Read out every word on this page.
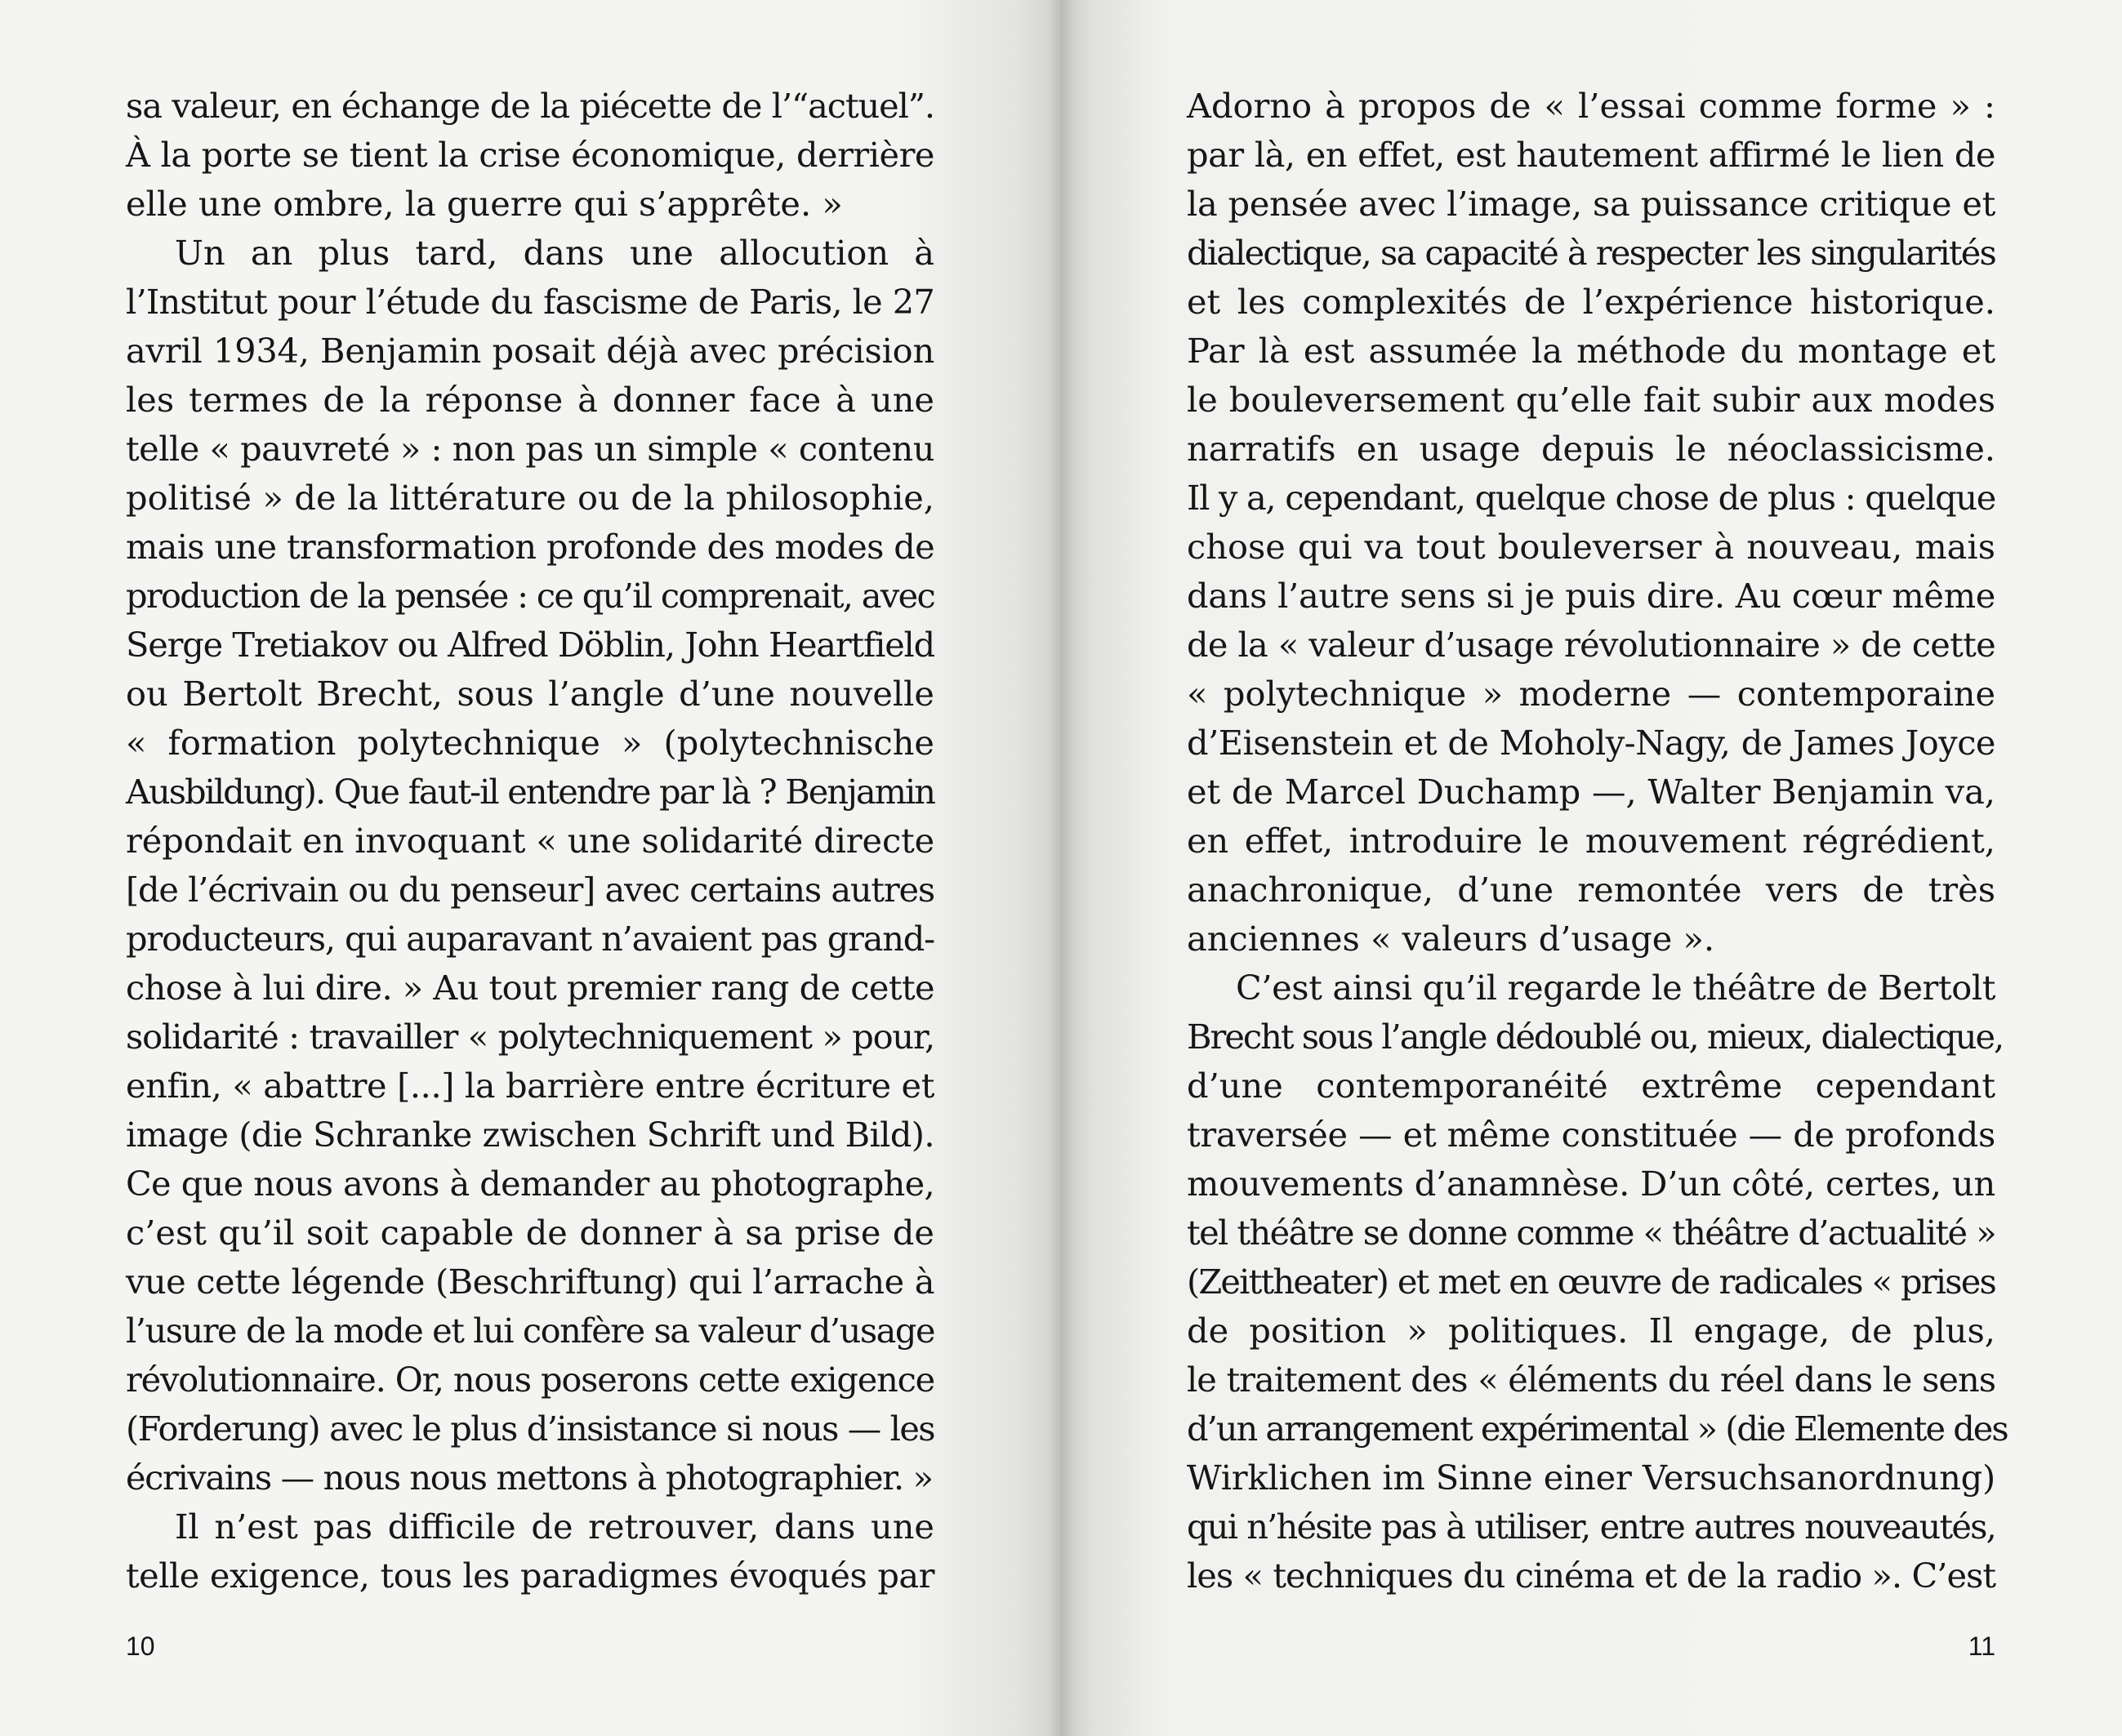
sa valeur, en échange de la piécette de l’“actuel”.
À la porte se tient la crise économique, derrière
elle une ombre, la guerre qui s’apprête. »
Un an plus tard, dans une allocution à
l’Institut pour l’étude du fascisme de Paris, le 27
avril 1934, Benjamin posait déjà avec précision
les termes de la réponse à donner face à une
telle « pauvreté » : non pas un simple « contenu
politisé » de la littérature ou de la philosophie,
mais une transformation profonde des modes de
production de la pensée : ce qu’il comprenait, avec
Serge Tretiakov ou Alfred Döblin, John Heartfield
ou Bertolt Brecht, sous l’angle d’une nouvelle
« formation polytechnique » (polytechnische
Ausbildung). Que faut-il entendre par là ? Benjamin
répondait en invoquant « une solidarité directe
[de l’écrivain ou du penseur] avec certains autres
producteurs, qui auparavant n’avaient pas grand-
chose à lui dire. » Au tout premier rang de cette
solidarité : travailler « polytechniquement » pour,
enfin, « abattre [...] la barrière entre écriture et
image (die Schranke zwischen Schrift und Bild).
Ce que nous avons à demander au photographe,
c’est qu’il soit capable de donner à sa prise de
vue cette légende (Beschriftung) qui l’arrache à
l’usure de la mode et lui confère sa valeur d’usage
révolutionnaire. Or, nous poserons cette exigence
(Forderung) avec le plus d’insistance si nous — les
écrivains — nous nous mettons à photographier. »
Il n’est pas difficile de retrouver, dans une
telle exigence, tous les paradigmes évoqués par
10
Adorno à propos de « l’essai comme forme » :
par là, en effet, est hautement affirmé le lien de
la pensée avec l’image, sa puissance critique et
dialectique, sa capacité à respecter les singularités
et les complexités de l’expérience historique.
Par là est assumée la méthode du montage et
le bouleversement qu’elle fait subir aux modes
narratifs en usage depuis le néoclassicisme.
Il y a, cependant, quelque chose de plus : quelque
chose qui va tout bouleverser à nouveau, mais
dans l’autre sens si je puis dire. Au cœur même
de la « valeur d’usage révolutionnaire » de cette
« polytechnique » moderne — contemporaine
d’Eisenstein et de Moholy-Nagy, de James Joyce
et de Marcel Duchamp —, Walter Benjamin va,
en effet, introduire le mouvement régrédient,
anachronique, d’une remontée vers de très
anciennes « valeurs d’usage ».
C’est ainsi qu’il regarde le théâtre de Bertolt
Brecht sous l’angle dédoublé ou, mieux, dialectique,
d’une contemporanéité extrême cependant
traversée — et même constituée — de profonds
mouvements d’anamnèse. D’un côté, certes, un
tel théâtre se donne comme « théâtre d’actualité »
(Zeittheater) et met en œuvre de radicales « prises
de position » politiques. Il engage, de plus,
le traitement des « éléments du réel dans le sens
d’un arrangement expérimental » (die Elemente des
Wirklichen im Sinne einer Versuchsanordnung)
qui n’hésite pas à utiliser, entre autres nouveautés,
les « techniques du cinéma et de la radio ». C’est
11
